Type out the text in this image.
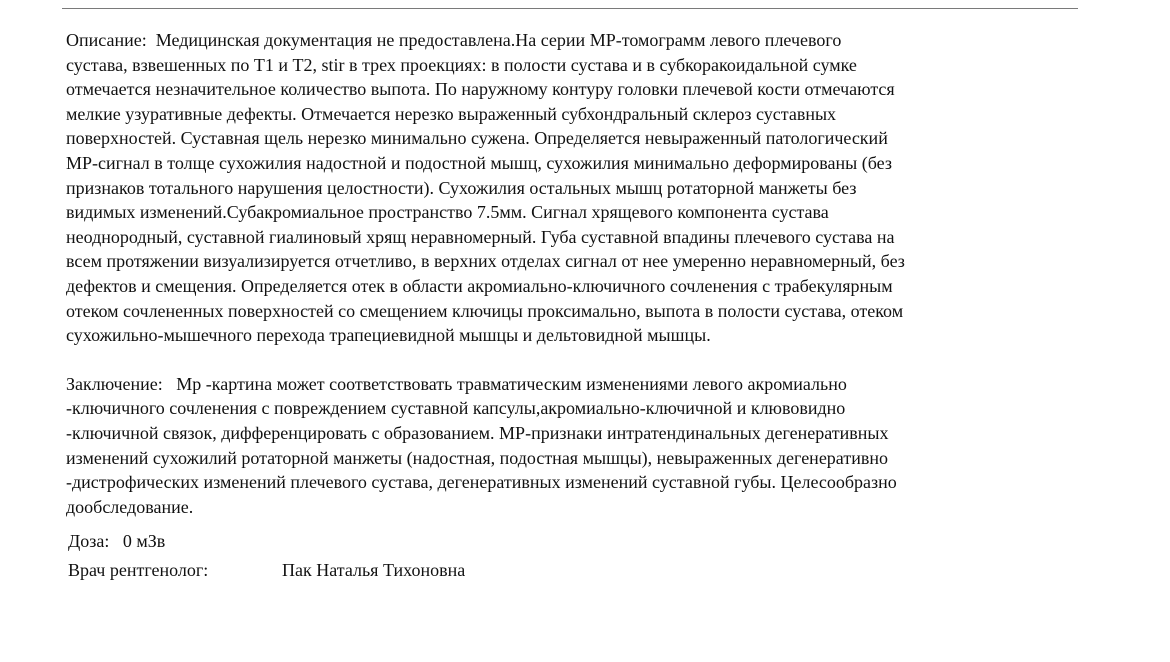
Описание:  Медицинская документация не предоставлена.На серии МР-томограмм левого плечевого
сустава, взвешенных по Т1 и Т2, stir в трех проекциях: в полости сустава и в субкоракоидальной сумке
отмечается незначительное количество выпота. По наружному контуру головки плечевой кости отмечаются
мелкие узуративные дефекты. Отмечается нерезко выраженный субхондральный склероз суставных
поверхностей. Суставная щель нерезко минимально сужена. Определяется невыраженный патологический
МР-сигнал в толще сухожилия надостной и подостной мышц, сухожилия минимально деформированы (без
признаков тотального нарушения целостности). Сухожилия остальных мышц ротаторной манжеты без
видимых изменений.Субакромиальное пространство 7.5мм. Сигнал хрящевого компонента сустава
неоднородный, суставной гиалиновый хрящ неравномерный. Губа суставной впадины плечевого сустава на
всем протяжении визуализируется отчетливо, в верхних отделах сигнал от нее умеренно неравномерный, без
дефектов и смещения. Определяется отек в области акромиально-ключичного сочленения с трабекулярным
отеком сочлененных поверхностей со смещением ключицы проксимально, выпота в полости сустава, отеком
сухожильно-мышечного перехода трапециевидной мышцы и дельтовидной мышцы.

Заключение:   Мр -картина может соответствовать травматическим изменениями левого акромиально
-ключичного сочленения с повреждением суставной капсулы,акромиально-ключичной и клювовидно
-ключичной связок, дифференцировать с образованием. МР-признаки интратендинальных дегенеративных
изменений сухожилий ротаторной манжеты (надостная, подостная мышцы), невыраженных дегенеративно
-дистрофических изменений плечевого сустава, дегенеративных изменений суставной губы. Целесообразно
дообследование.

Доза:   0 мЗв
Врач рентгенолог:	Пак Наталья Тихоновна
